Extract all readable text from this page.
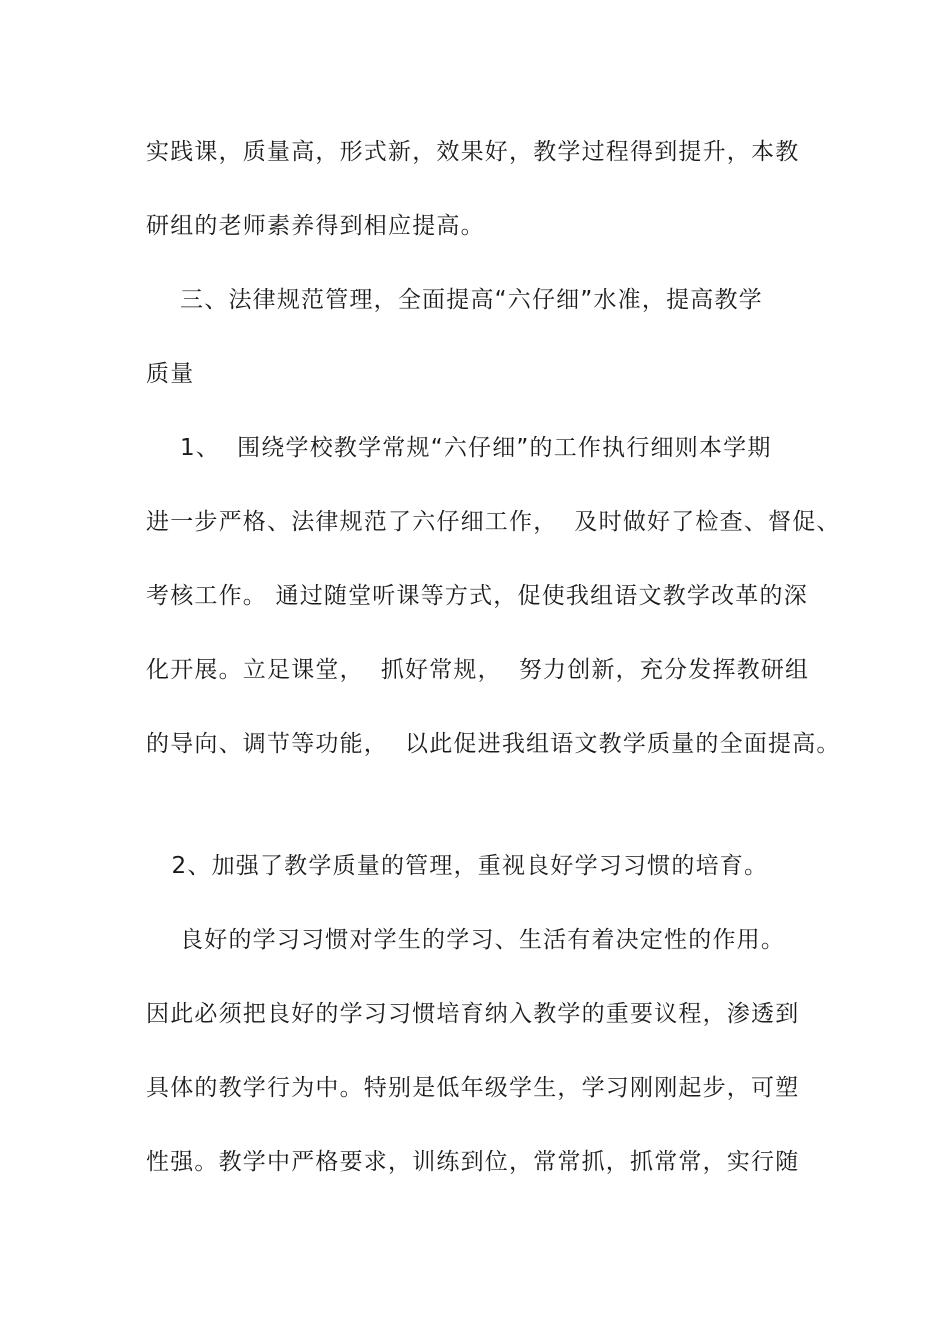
实践课，质量高，形式新，效果好，教学过程得到提升，本教
研组的老师素养得到相应提高。
三、法律规范管理，全面提高“六仔细”水准，提高教学
质量
1、  围绕学校教学常规“六仔细”的工作执行细则本学期
进一步严格、法律规范了六仔细工作，  及时做好了检查、督促、
考核工作。 通过随堂听课等方式，促使我组语文教学改革的深
化开展。立足课堂，  抓好常规，  努力创新，充分发挥教研组
的导向、调节等功能，  以此促进我组语文教学质量的全面提高。
2、加强了教学质量的管理，重视良好学习习惯的培育。
良好的学习习惯对学生的学习、生活有着决定性的作用。
因此必须把良好的学习习惯培育纳入教学的重要议程，渗透到
具体的教学行为中。特别是低年级学生，学习刚刚起步，可塑
性强。教学中严格要求，训练到位，常常抓，抓常常，实行随
